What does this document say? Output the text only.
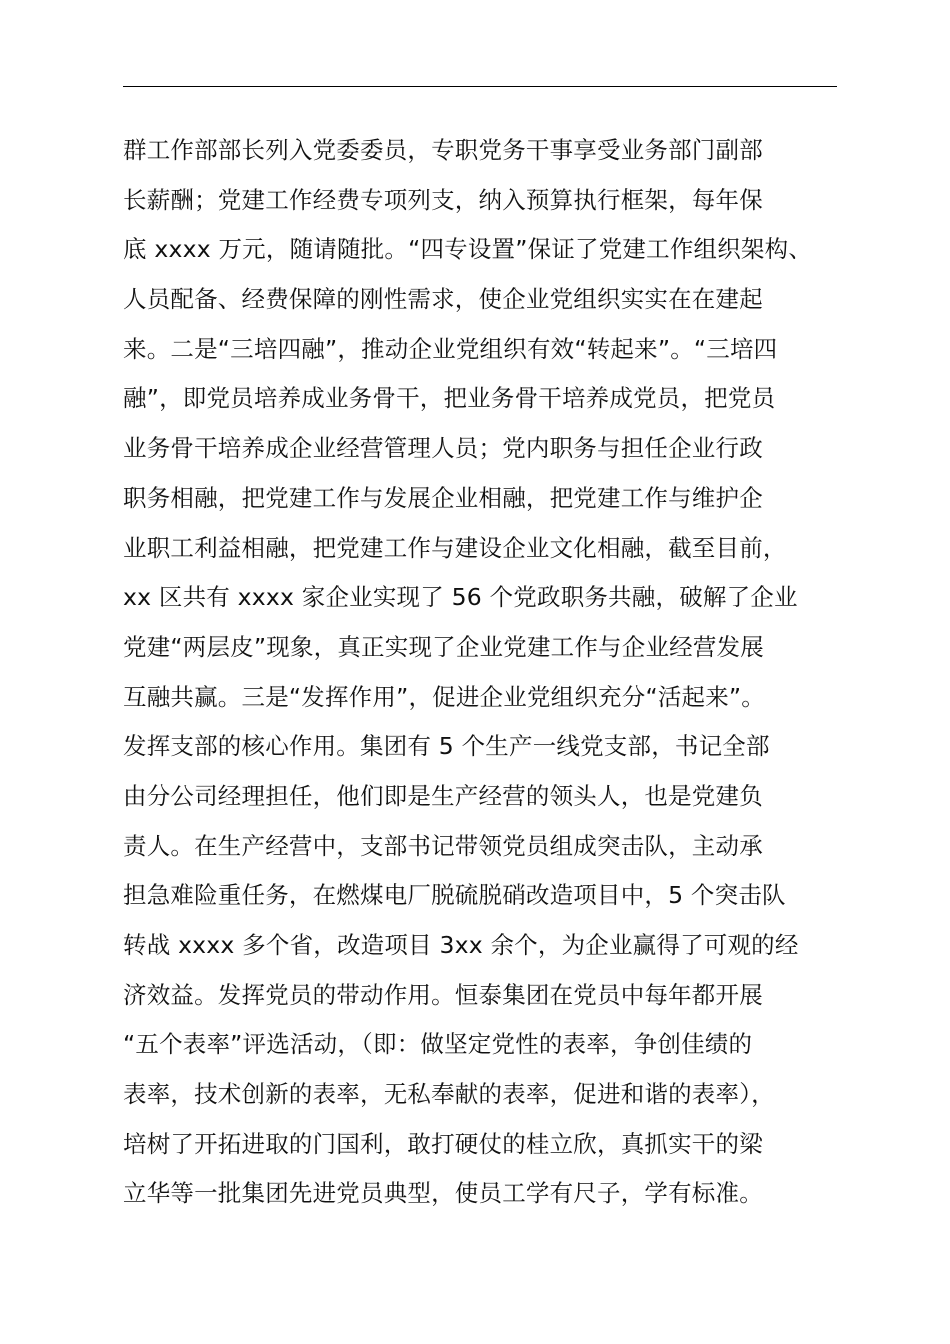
群工作部部长列入党委委员，专职党务干事享受业务部门副部
长薪酬；党建工作经费专项列支，纳入预算执行框架，每年保
底 xxxx 万元，随请随批。“四专设置”保证了党建工作组织架构、
人员配备、经费保障的刚性需求，使企业党组织实实在在建起
来。二是“三培四融”，推动企业党组织有效“转起来”。“三培四
融”，即党员培养成业务骨干，把业务骨干培养成党员，把党员
业务骨干培养成企业经营管理人员；党内职务与担任企业行政
职务相融，把党建工作与发展企业相融，把党建工作与维护企
业职工利益相融，把党建工作与建设企业文化相融，截至目前，
xx 区共有 xxxx 家企业实现了 56 个党政职务共融，破解了企业
党建“两层皮”现象，真正实现了企业党建工作与企业经营发展
互融共赢。三是“发挥作用”，促进企业党组织充分“活起来”。
发挥支部的核心作用。集团有 5 个生产一线党支部，书记全部
由分公司经理担任，他们即是生产经营的领头人，也是党建负
责人。在生产经营中，支部书记带领党员组成突击队，主动承
担急难险重任务，在燃煤电厂脱硫脱硝改造项目中，5 个突击队
转战 xxxx 多个省，改造项目 3xx 余个，为企业赢得了可观的经
济效益。发挥党员的带动作用。恒泰集团在党员中每年都开展
“五个表率”评选活动，（即：做坚定党性的表率，争创佳绩的
表率，技术创新的表率，无私奉献的表率，促进和谐的表率），
培树了开拓进取的门国利，敢打硬仗的桂立欣，真抓实干的梁
立华等一批集团先进党员典型，使员工学有尺子，学有标准。
